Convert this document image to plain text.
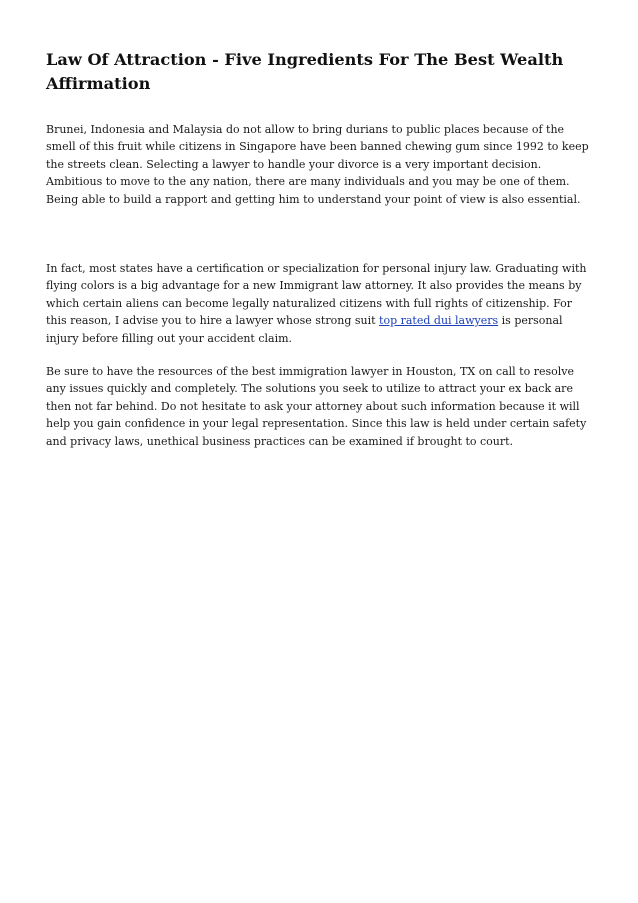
Law Of Attraction - Five Ingredients For The Best Wealth Affirmation

Brunei, Indonesia and Malaysia do not allow to bring durians to public places because of the smell of this fruit while citizens in Singapore have been banned chewing gum since 1992 to keep the streets clean. Selecting a lawyer to handle your divorce is a very important decision. Ambitious to move to the any nation, there are many individuals and you may be one of them. Being able to build a rapport and getting him to understand your point of view is also essential.

In fact, most states have a certification or specialization for personal injury law. Graduating with flying colors is a big advantage for a new Immigrant law attorney. It also provides the means by which certain aliens can become legally naturalized citizens with full rights of citizenship. For this reason, I advise you to hire a lawyer whose strong suit top rated dui lawyers is personal injury before filling out your accident claim.

Be sure to have the resources of the best immigration lawyer in Houston, TX on call to resolve any issues quickly and completely. The solutions you seek to utilize to attract your ex back are then not far behind. Do not hesitate to ask your attorney about such information because it will help you gain confidence in your legal representation. Since this law is held under certain safety and privacy laws, unethical business practices can be examined if brought to court.
